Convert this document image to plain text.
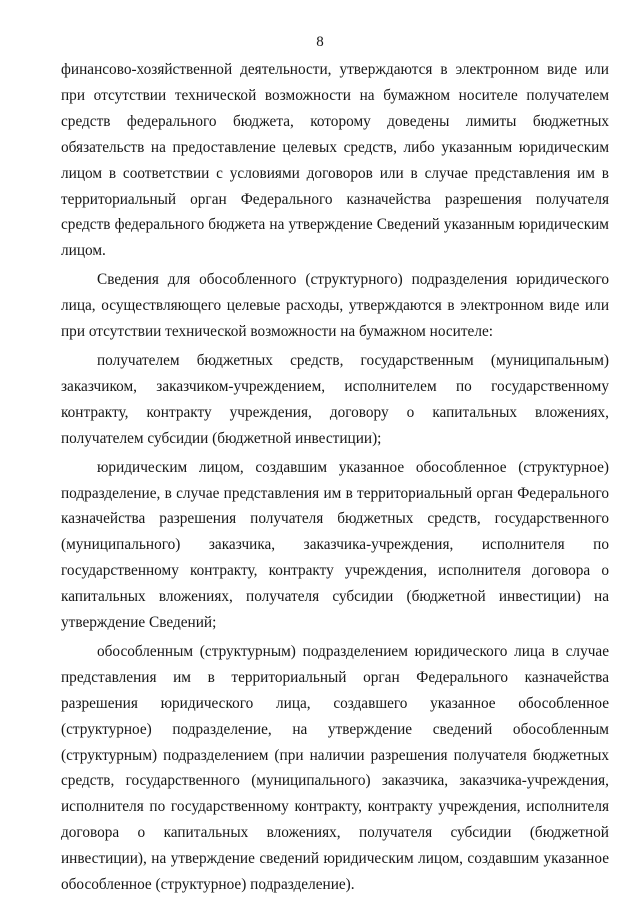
8

финансово-хозяйственной деятельности, утверждаются в электронном виде или при отсутствии технической возможности на бумажном носителе получателем средств федерального бюджета, которому доведены лимиты бюджетных обязательств на предоставление целевых средств, либо указанным юридическим лицом в соответствии с условиями договоров или в случае представления им в территориальный орган Федерального казначейства разрешения получателя средств федерального бюджета на утверждение Сведений указанным юридическим лицом.

Сведения для обособленного (структурного) подразделения юридического лица, осуществляющего целевые расходы, утверждаются в электронном виде или при отсутствии технической возможности на бумажном носителе:

получателем бюджетных средств, государственным (муниципальным) заказчиком, заказчиком-учреждением, исполнителем по государственному контракту, контракту учреждения, договору о капитальных вложениях, получателем субсидии (бюджетной инвестиции);

юридическим лицом, создавшим указанное обособленное (структурное) подразделение, в случае представления им в территориальный орган Федерального казначейства разрешения получателя бюджетных средств, государственного (муниципального) заказчика, заказчика-учреждения, исполнителя по государственному контракту, контракту учреждения, исполнителя договора о капитальных вложениях, получателя субсидии (бюджетной инвестиции) на утверждение Сведений;

обособленным (структурным) подразделением юридического лица в случае представления им в территориальный орган Федерального казначейства разрешения юридического лица, создавшего указанное обособленное (структурное) подразделение, на утверждение сведений обособленным (структурным) подразделением (при наличии разрешения получателя бюджетных средств, государственного (муниципального) заказчика, заказчика-учреждения, исполнителя по государственному контракту, контракту учреждения, исполнителя договора о капитальных вложениях, получателя субсидии (бюджетной инвестиции), на утверждение сведений юридическим лицом, создавшим указанное обособленное (структурное) подразделение).
